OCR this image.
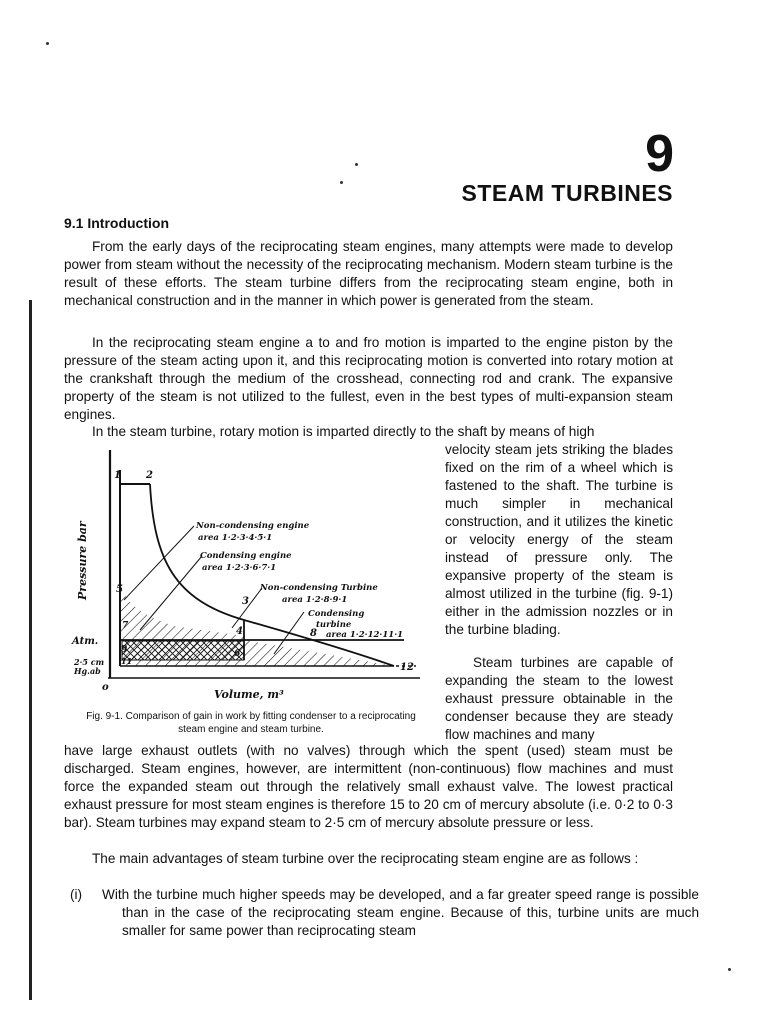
9
STEAM TURBINES
9.1 Introduction

From the early days of the reciprocating steam engines, many attempts were made to develop power from steam without the necessity of the reciprocating mechanism. Modern steam turbine is the result of these efforts. The steam turbine differs from the reciprocating steam engine, both in mechanical construction and in the manner in which power is generated from the steam.

In the reciprocating steam engine a to and fro motion is imparted to the engine piston by the pressure of the steam acting upon it, and this reciprocating motion is converted into rotary motion at the crankshaft through the medium of the crosshead, connecting rod and crank. The expansive property of the steam is not utilized to the fullest, even in the best types of multi-expansion steam engines.

In the steam turbine, rotary motion is imparted directly to the shaft by means of high

velocity steam jets striking the blades fixed on the rim of a wheel which is fastened to the shaft. The turbine is much simpler in mechanical construction, and it utilizes the kinetic or velocity energy of the steam instead of pressure only. The expansive property of the steam is almost utilized in the turbine (fig. 9-1) either in the admission nozzles or in the turbine blading.

Steam turbines are capable of expanding the steam to the lowest exhaust pressure obtainable in the condenser because they are steady flow machines and many

have large exhaust outlets (with no valves) through which the spent (used) steam must be discharged. Steam engines, however, are intermittent (non-continuous) flow machines and must force the expanded steam out through the relatively small exhaust valve. The lowest practical exhaust pressure for most steam engines is therefore 15 to 20 cm of mercury absolute (i.e. 0·2 to 0·3 bar). Steam turbines may expand steam to 2·5 cm of mercury absolute pressure or less.

The main advantages of steam turbine over the reciprocating steam engine are as follows :

(i) With the turbine much higher speeds may be developed, and a far greater speed range is possible than in the case of the reciprocating steam engine. Because of this, turbine units are much smaller for same power than reciprocating steam
1	2
3
4
5
6
7
8
9
11
12
Pressure bar
Volume, m³
o
Atm.
2·5 cm
Hg.ab
Non-condensing engine
area 1·2·3·4·5·1
Condensing engine
area 1·2·3·6·7·1
Non-condensing Turbine
area 1·2·8·9·1
Condensing
turbine
area 1·2·12·11·1
Fig. 9-1. Comparison of gain in work by fitting condenser to a reciprocating steam engine and steam turbine.
